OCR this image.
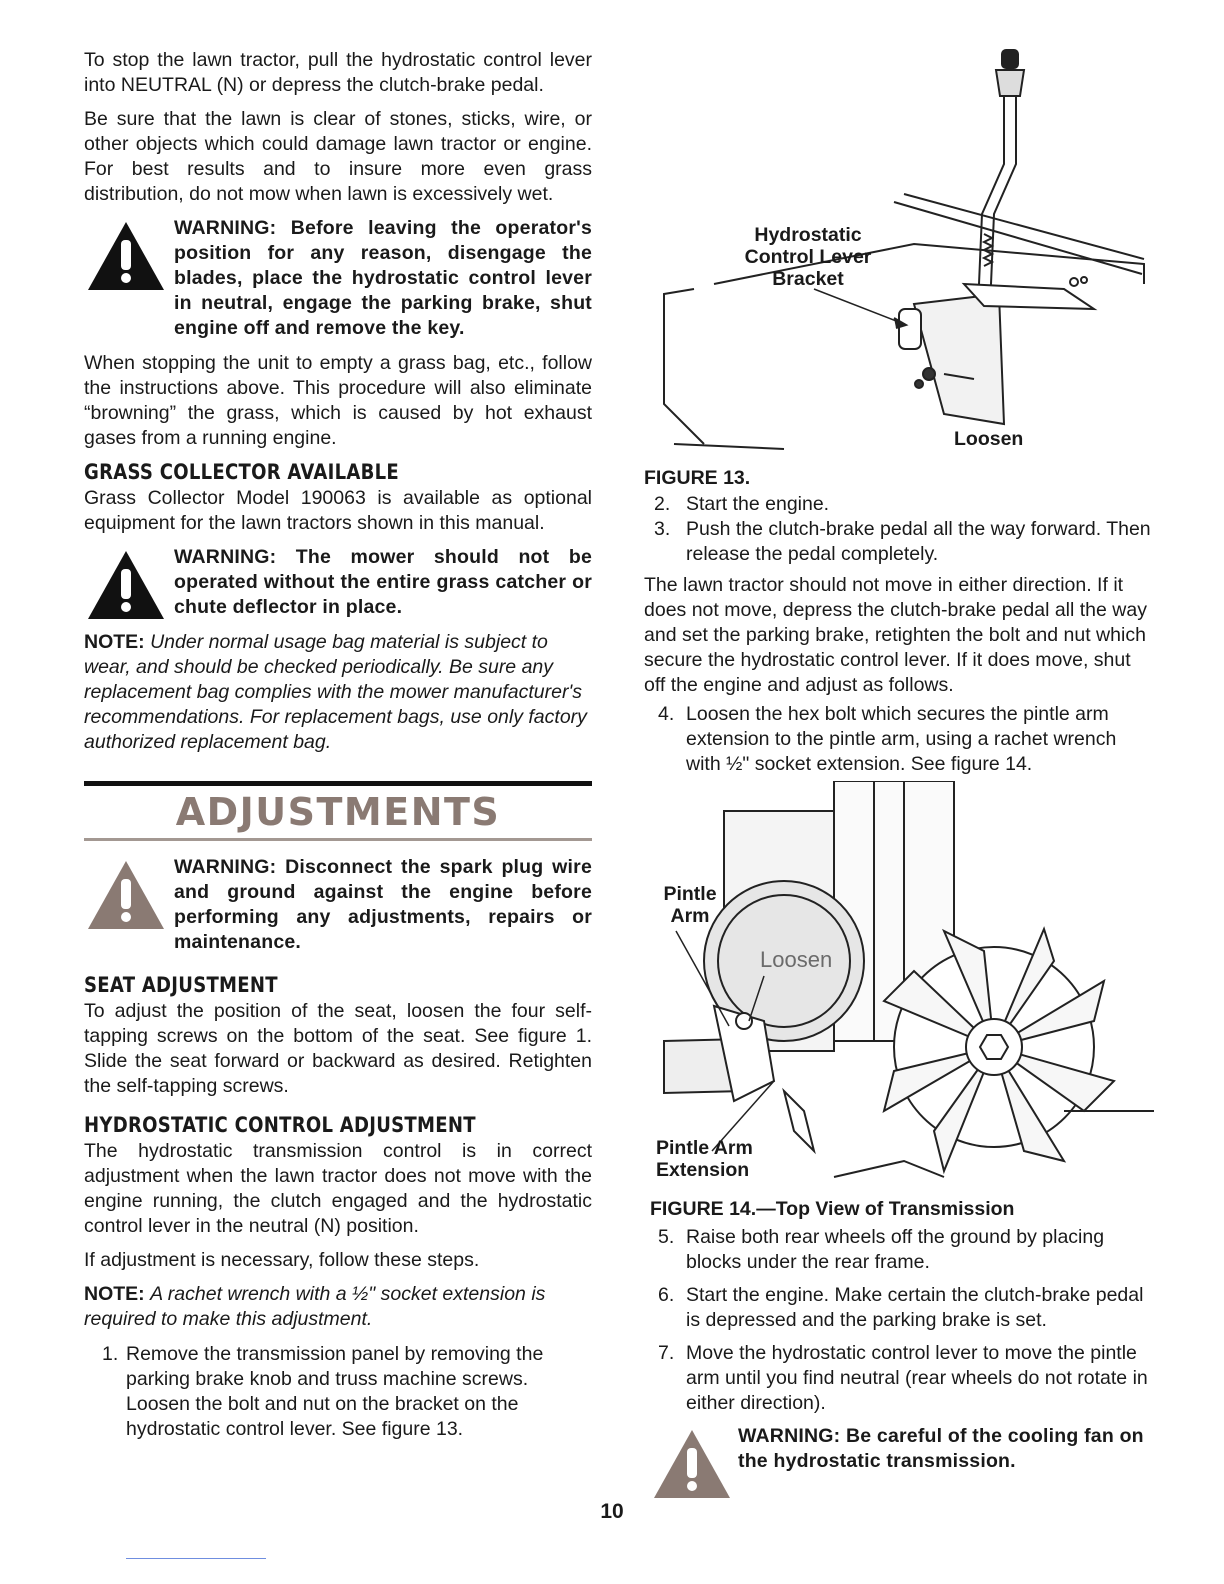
To stop the lawn tractor, pull the hydrostatic control lever into NEUTRAL (N) or depress the clutch-brake pedal.

Be sure that the lawn is clear of stones, sticks, wire, or other objects which could damage lawn tractor or engine. For best results and to insure more even grass distribution, do not mow when lawn is excessively wet.

WARNING: Before leaving the operator's position for any reason, disengage the blades, place the hydrostatic control lever in neutral, engage the parking brake, shut engine off and remove the key.

When stopping the unit to empty a grass bag, etc., follow the instructions above. This procedure will also eliminate “browning” the grass, which is caused by hot exhaust gases from a running engine.

GRASS COLLECTOR AVAILABLE

Grass Collector Model 190063 is available as optional equipment for the lawn tractors shown in this manual.

WARNING: The mower should not be operated without the entire grass catcher or chute deflector in place.
NOTE: Under normal usage bag material is subject to wear, and should be checked periodically. Be sure any replacement bag complies with the mower manufacturer's recommendations. For replacement bags, use only factory authorized replacement bag.
ADJUSTMENTS
WARNING: Disconnect the spark plug wire and ground against the engine before performing any adjustments, repairs or maintenance.
SEAT ADJUSTMENT

To adjust the position of the seat, loosen the four self-tapping screws on the bottom of the seat. See figure 1. Slide the seat forward or backward as desired. Retighten the self-tapping screws.

HYDROSTATIC CONTROL ADJUSTMENT

The hydrostatic transmission control is in correct adjustment when the lawn tractor does not move with the engine running, the clutch engaged and the hydrostatic control lever in the neutral (N) position.

If adjustment is necessary, follow these steps.

NOTE: A rachet wrench with a ½" socket extension is required to make this adjustment.
1. Remove the transmission panel by removing the parking brake knob and truss machine screws. Loosen the bolt and nut on the bracket on the hydrostatic control lever. See figure 13.
Hydrostatic
Control Lever
Bracket
Loosen
FIGURE 13.
2. Start the engine.
3. Push the clutch-brake pedal all the way forward. Then release the pedal completely.

The lawn tractor should not move in either direction. If it does not move, depress the clutch-brake pedal all the way and set the parking brake, retighten the bolt and nut which secure the hydrostatic control lever. If it does move, shut off the engine and adjust as follows.

4. Loosen the hex bolt which secures the pintle arm extension to the pintle arm, using a rachet wrench with ½" socket extension. See figure 14.
Pintle
Arm
Loosen
Pintle Arm
Extension
FIGURE 14.—Top View of Transmission
5. Raise both rear wheels off the ground by placing blocks under the rear frame.
6. Start the engine. Make certain the clutch-brake pedal is depressed and the parking brake is set.
7. Move the hydrostatic control lever to move the pintle arm until you find neutral (rear wheels do not rotate in either direction).
WARNING: Be careful of the cooling fan on the hydrostatic transmission.
10
